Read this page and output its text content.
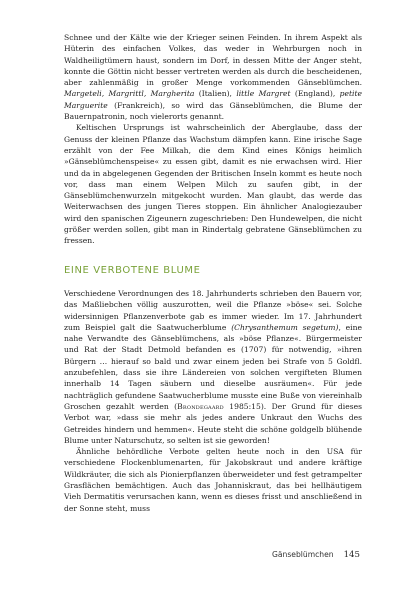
Schnee und der Kälte wie der Krieger seinen Feinden. In ihrem Aspekt als Hüterin des einfachen Volkes, das weder in Wehrburgen noch in Waldheiligtümern haust, sondern im Dorf, in dessen Mitte der Anger steht, konnte die Göttin nicht besser vertreten werden als durch die bescheidenen, aber zahlenmäßig in großer Menge vorkommenden Gänseblümchen. Margeteli, Margrittl, Margherita (Italien), little Margret (England), petite Marguerite (Frankreich), so wird das Gänseblümchen, die Blume der Bauernpatronin, noch vielerorts genannt.

Keltischen Ursprungs ist wahrscheinlich der Aberglaube, dass der Genuss der kleinen Pflanze das Wachstum dämpfen kann. Eine irische Sage erzählt von der Fee Milkah, die dem Kind eines Königs heimlich »Gänseblümchenspeise« zu essen gibt, damit es nie erwachsen wird. Hier und da in abgelegenen Gegenden der Britischen Inseln kommt es heute noch vor, dass man einem Welpen Milch zu saufen gibt, in der Gänseblümchenwurzeln mitgekocht wurden. Man glaubt, das werde das Weiterwachsen des jungen Tieres stoppen. Ein ähnlicher Analogiezauber wird den spanischen Zigeunern zugeschrieben: Den Hundewelpen, die nicht größer werden sollen, gibt man in Rindertalg gebratene Gänseblümchen zu fressen.

EINE VERBOTENE BLUME

Verschiedene Verordnungen des 18. Jahrhunderts schrieben den Bauern vor, das Maßliebchen völlig auszurotten, weil die Pflanze »böse« sei. Solche widersinnigen Pflanzenverbote gab es immer wieder. Im 17. Jahrhundert zum Beispiel galt die Saatwucherblume (Chrysanthemum segetum), eine nahe Verwandte des Gänseblümchens, als »böse Pflanze«. Bürgermeister und Rat der Stadt Detmold befanden es (1707) für notwendig, »ihren Bürgern … hierauf so bald und zwar einem jeden bei Strafe von 5 Goldfl. anzubefehlen, dass sie ihre Ländereien von solchen vergifteten Blumen innerhalb 14 Tagen säubern und dieselbe ausräumen«. Für jede nachträglich gefundene Saatwucherblume musste eine Buße von viereinhalb Groschen gezahlt werden (Brondegaard 1985:15). Der Grund für dieses Verbot war, »dass sie mehr als jedes andere Unkraut den Wuchs des Getreides hindern und hemmen«. Heute steht die schöne goldgelb blühende Blume unter Naturschutz, so selten ist sie geworden!

Ähnliche behördliche Verbote gelten heute noch in den USA für verschiedene Flockenblumenarten, für Jakobskraut und andere kräftige Wildkräuter, die sich als Pionierpflanzen überweideter und fest getrampelter Grasflächen bemächtigen. Auch das Johanniskraut, das bei hellhäutigem Vieh Dermatitis verursachen kann, wenn es dieses frisst und anschließend in der Sonne steht, muss

Gänseblümchen 145
